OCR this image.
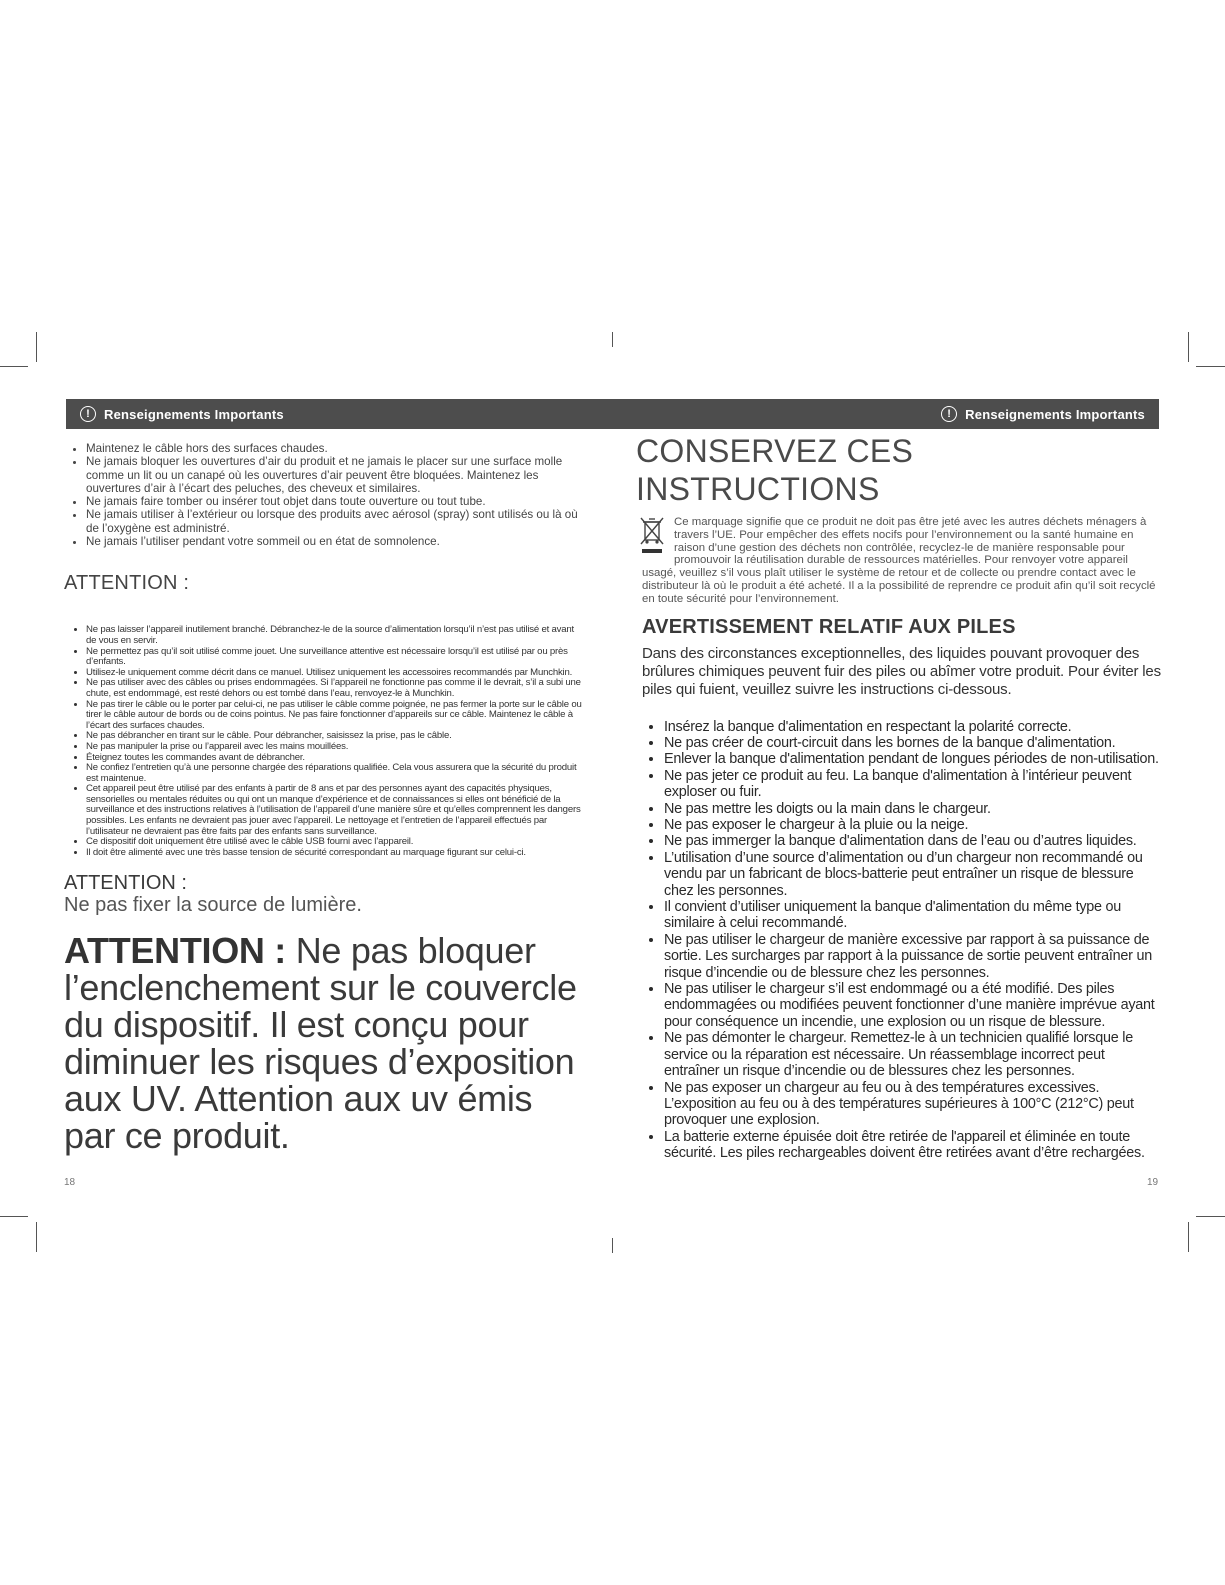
!	Renseignements Importants	!	Renseignements Importants
• Maintenez le câble hors des surfaces chaudes.
• Ne jamais bloquer les ouvertures d’air du produit et ne jamais le placer sur une surface molle comme un lit ou un canapé où les ouvertures d’air peuvent être bloquées. Maintenez les ouvertures d’air à l’écart des peluches, des cheveux et similaires.
• Ne jamais faire tomber ou insérer tout objet dans toute ouverture ou tout tube.
• Ne jamais utiliser à l’extérieur ou lorsque des produits avec aérosol (spray) sont utilisés ou là où de l’oxygène est administré.
• Ne jamais l’utiliser pendant votre sommeil ou en état de somnolence.
ATTENTION :
• Ne pas laisser l’appareil inutilement branché. Débranchez-le de la source d’alimentation lorsqu’il n’est pas utilisé et avant de vous en servir.
• Ne permettez pas qu’il soit utilisé comme jouet. Une surveillance attentive est nécessaire lorsqu’il est utilisé par ou près d’enfants.
• Utilisez-le uniquement comme décrit dans ce manuel. Utilisez uniquement les accessoires recommandés par Munchkin.
• Ne pas utiliser avec des câbles ou prises endommagées. Si l’appareil ne fonctionne pas comme il le devrait, s’il a subi une chute, est endommagé, est resté dehors ou est tombé dans l’eau, renvoyez-le à Munchkin.
• Ne pas tirer le câble ou le porter par celui-ci, ne pas utiliser le câble comme poignée, ne pas fermer la porte sur le câble ou tirer le câble autour de bords ou de coins pointus. Ne pas faire fonctionner d’appareils sur ce câble. Maintenez le câble à l’écart des surfaces chaudes.
• Ne pas débrancher en tirant sur le câble. Pour débrancher, saisissez la prise, pas le câble.
• Ne pas manipuler la prise ou l’appareil avec les mains mouillées.
• Éteignez toutes les commandes avant de débrancher.
• Ne confiez l’entretien qu’à une personne chargée des réparations qualifiée. Cela vous assurera que la sécurité du produit est maintenue.
• Cet appareil peut être utilisé par des enfants à partir de 8 ans et par des personnes ayant des capacités physiques, sensorielles ou mentales réduites ou qui ont un manque d’expérience et de connaissances si elles ont bénéficié de la surveillance et des instructions relatives à l’utilisation de l’appareil d’une manière sûre et qu’elles comprennent les dangers possibles. Les enfants ne devraient pas jouer avec l’appareil. Le nettoyage et l’entretien de l’appareil effectués par l’utilisateur ne devraient pas être faits par des enfants sans surveillance.
• Ce dispositif doit uniquement être utilisé avec le câble USB fourni avec l’appareil.
• Il doit être alimenté avec une très basse tension de sécurité correspondant au marquage figurant sur celui-ci.
ATTENTION :
Ne pas fixer la source de lumière.
ATTENTION : Ne pas bloquer l’enclenchement sur le couvercle du dispositif. Il est conçu pour diminuer les risques d’exposition aux UV. Attention aux uv émis par ce produit.
18
CONSERVEZ CES INSTRUCTIONS
Ce marquage signifie que ce produit ne doit pas être jeté avec les autres déchets ménagers à travers l’UE. Pour empêcher des effets nocifs pour l’environnement ou la santé humaine en raison d’une gestion des déchets non contrôlée, recyclez-le de manière responsable pour promouvoir la réutilisation durable de ressources matérielles. Pour renvoyer votre appareil usagé, veuillez s’il vous plaît utiliser le système de retour et de collecte ou prendre contact avec le distributeur là où le produit a été acheté. Il a la possibilité de reprendre ce produit afin qu’il soit recyclé en toute sécurité pour l’environnement.
AVERTISSEMENT RELATIF AUX PILES
Dans des circonstances exceptionnelles, des liquides pouvant provoquer des brûlures chimiques peuvent fuir des piles ou abîmer votre produit. Pour éviter les piles qui fuient, veuillez suivre les instructions ci-dessous.
• Insérez la banque d'alimentation en respectant la polarité correcte.
• Ne pas créer de court-circuit dans les bornes de la banque d'alimentation.
• Enlever la banque d'alimentation pendant de longues périodes de non-utilisation.
• Ne pas jeter ce produit au feu. La banque d'alimentation à l’intérieur peuvent exploser ou fuir.
• Ne pas mettre les doigts ou la main dans le chargeur.
• Ne pas exposer le chargeur à la pluie ou la neige.
• Ne pas immerger la banque d'alimentation dans de l’eau ou d’autres liquides.
• L’utilisation d’une source d’alimentation ou d’un chargeur non recommandé ou vendu par un fabricant de blocs-batterie peut entraîner un risque de blessure chez les personnes.
• Il convient d’utiliser uniquement la banque d'alimentation du même type ou similaire à celui recommandé.
• Ne pas utiliser le chargeur de manière excessive par rapport à sa puissance de sortie. Les surcharges par rapport à la puissance de sortie peuvent entraîner un risque d’incendie ou de blessure chez les personnes.
• Ne pas utiliser le chargeur s’il est endommagé ou a été modifié. Des piles endommagées ou modifiées peuvent fonctionner d’une manière imprévue ayant pour conséquence un incendie, une explosion ou un risque de blessure.
• Ne pas démonter le chargeur. Remettez-le à un technicien qualifié lorsque le service ou la réparation est nécessaire. Un réassemblage incorrect peut entraîner un risque d’incendie ou de blessures chez les personnes.
• Ne pas exposer un chargeur au feu ou à des températures excessives. L’exposition au feu ou à des températures supérieures à 100°C (212°C) peut provoquer une explosion.
• La batterie externe épuisée doit être retirée de l'appareil et éliminée en toute sécurité. Les piles rechargeables doivent être retirées avant d’être rechargées.
19
